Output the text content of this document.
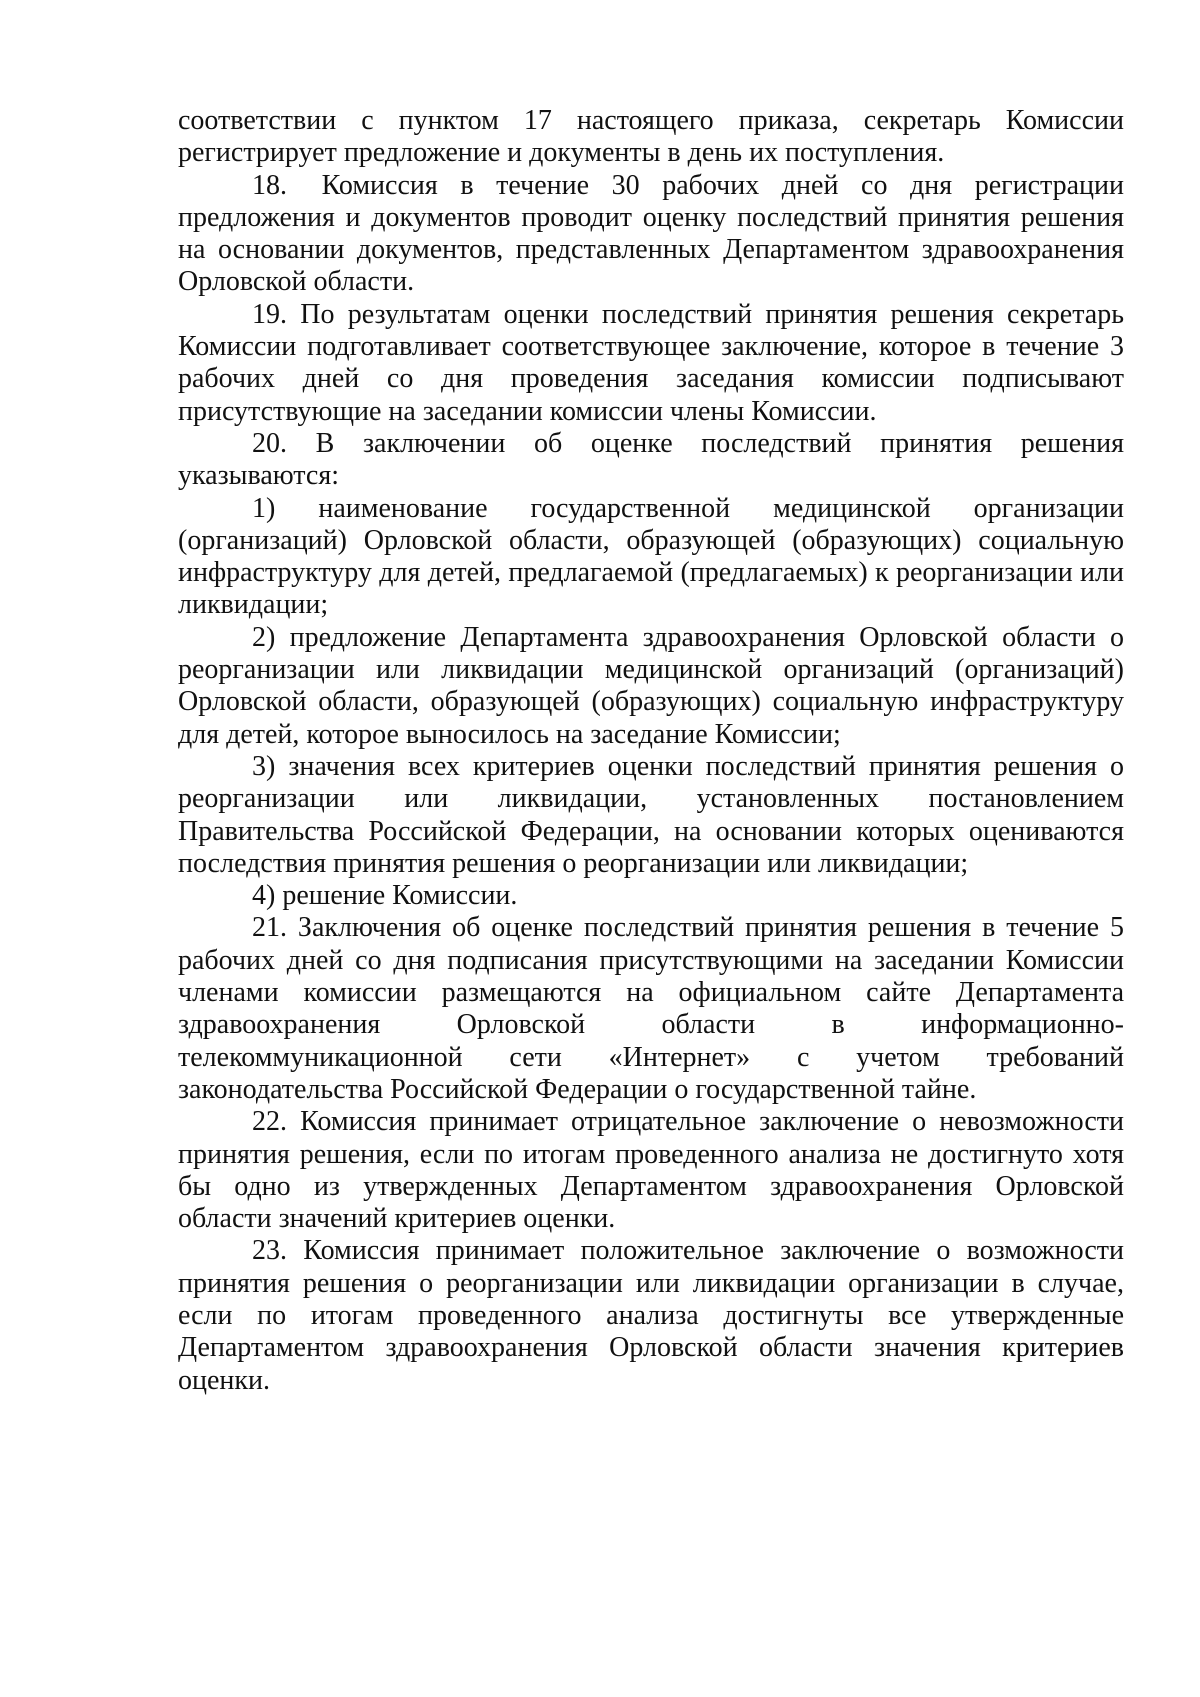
соответствии с пунктом 17 настоящего приказа, секретарь Комиссии регистрирует предложение и документы в день их поступления.

18. Комиссия в течение 30 рабочих дней со дня регистрации предложения и документов проводит оценку последствий принятия решения на основании документов, представленных Департаментом здравоохранения Орловской области.

19. По результатам оценки последствий принятия решения секретарь Комиссии подготавливает соответствующее заключение, которое в течение 3 рабочих дней со дня проведения заседания комиссии подписывают присутствующие на заседании комиссии члены Комиссии.

20. В заключении об оценке последствий принятия решения указываются:

1) наименование государственной медицинской организации (организаций) Орловской области, образующей (образующих) социальную инфраструктуру для детей, предлагаемой (предлагаемых) к реорганизации или ликвидации;

2) предложение Департамента здравоохранения Орловской области о реорганизации или ликвидации медицинской организаций (организаций) Орловской области, образующей (образующих) социальную инфраструктуру для детей, которое выносилось на заседание Комиссии;

3) значения всех критериев оценки последствий принятия решения о реорганизации или ликвидации, установленных постановлением Правительства Российской Федерации, на основании которых оцениваются последствия принятия решения о реорганизации или ликвидации;

4) решение Комиссии.

21. Заключения об оценке последствий принятия решения в течение 5 рабочих дней со дня подписания присутствующими на заседании Комиссии членами комиссии размещаются на официальном сайте Департамента здравоохранения Орловской области в информационно-телекоммуникационной сети «Интернет» с учетом требований законодательства Российской Федерации о государственной тайне.

22. Комиссия принимает отрицательное заключение о невозможности принятия решения, если по итогам проведенного анализа не достигнуто хотя бы одно из утвержденных Департаментом здравоохранения Орловской области значений критериев оценки.

23. Комиссия принимает положительное заключение о возможности принятия решения о реорганизации или ликвидации организации в случае, если по итогам проведенного анализа достигнуты все утвержденные Департаментом здравоохранения Орловской области значения критериев оценки.
